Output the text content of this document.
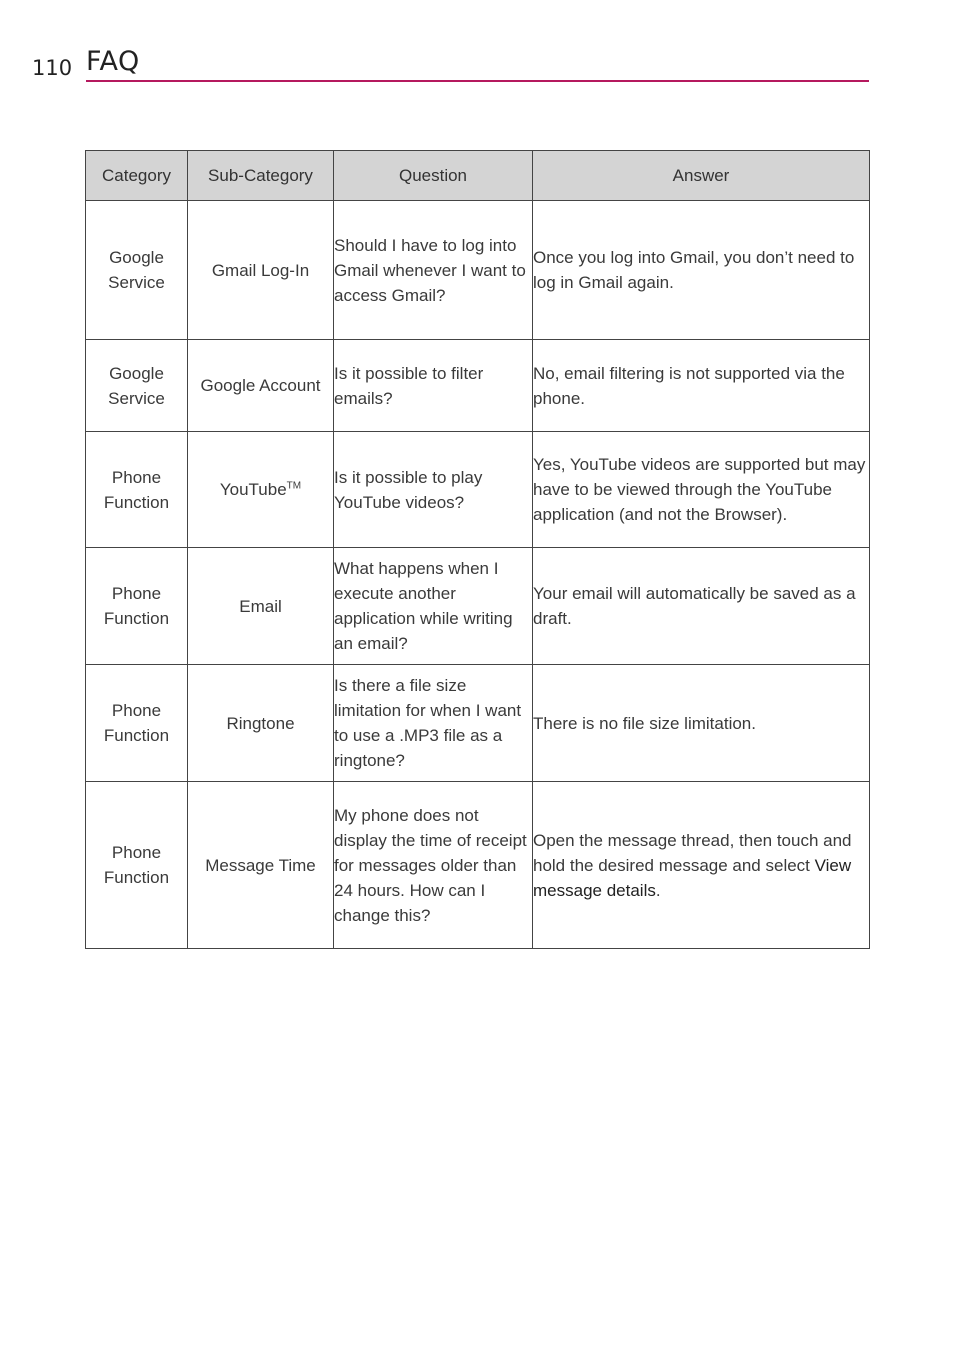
110 FAQ
Category	Sub-Category	Question	Answer
Google Service	Gmail Log-In	Should I have to log into Gmail whenever I want to access Gmail?	Once you log into Gmail, you don’t need to log in Gmail again.
Google Service	Google Account	Is it possible to filter emails?	No, email filtering is not supported via the phone.
Phone Function	YouTube™	Is it possible to play YouTube videos?	Yes, YouTube videos are supported but may have to be viewed through the YouTube application (and not the Browser).
Phone Function	Email	What happens when I execute another application while writing an email?	Your email will automatically be saved as a draft.
Phone Function	Ringtone	Is there a file size limitation for when I want to use a .MP3 file as a ringtone?	There is no file size limitation.
Phone Function	Message Time	My phone does not display the time of receipt for messages older than 24 hours. How can I change this?	Open the message thread, then touch and hold the desired message and select View message details.
